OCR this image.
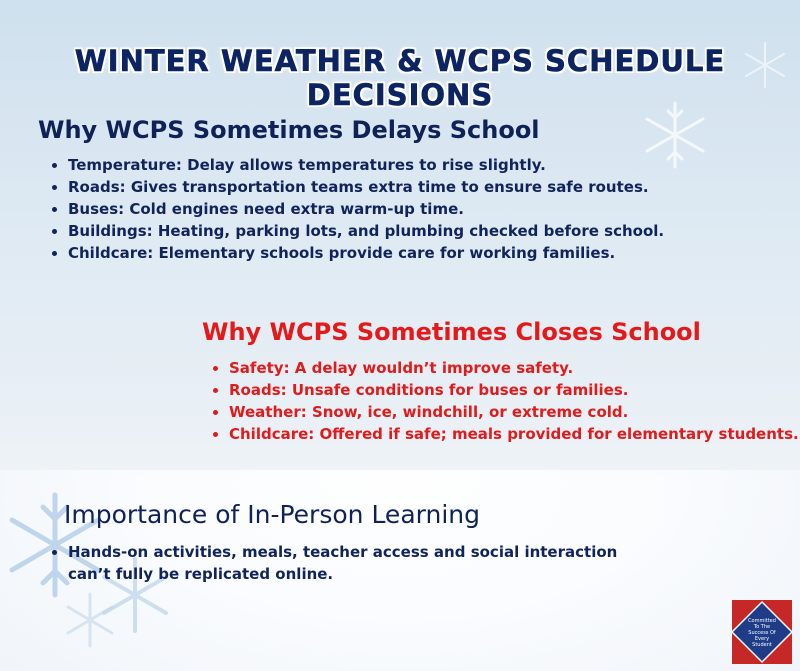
WINTER WEATHER & WCPS SCHEDULE DECISIONS
Why WCPS Sometimes Delays School
• Temperature: Delay allows temperatures to rise slightly.
• Roads: Gives transportation teams extra time to ensure safe routes.
• Buses: Cold engines need extra warm-up time.
• Buildings: Heating, parking lots, and plumbing checked before school.
• Childcare: Elementary schools provide care for working families.
Why WCPS Sometimes Closes School
• Safety: A delay wouldn’t improve safety.
• Roads: Unsafe conditions for buses or families.
• Weather: Snow, ice, windchill, or extreme cold.
• Childcare: Offered if safe; meals provided for elementary students.
Importance of In-Person Learning
• Hands-on activities, meals, teacher access and social interaction can’t fully be replicated online.
Committed
To The
Success Of
Every
Student
